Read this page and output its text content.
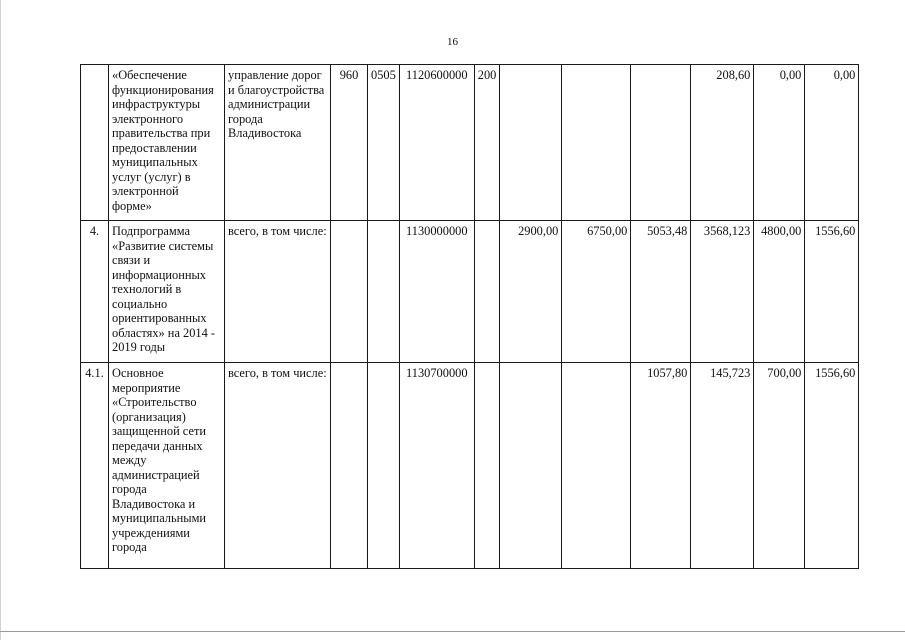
16
	«Обеспечение функционирования инфраструктуры электронного правительства при предоставлении муниципальных услуг (услуг) в электронной форме»	управление дорог и благоустройства администрации города Владивостока	960	0505	1120600000	200				208,60	0,00	0,00
4.	Подпрограмма «Развитие системы связи и информационных технологий в социально ориентированных областях» на 2014 - 2019 годы	всего, в том числе:			1130000000		2900,00	6750,00	5053,48	3568,123	4800,00	1556,60
4.1.	Основное мероприятие «Строительство (организация) защищенной сети передачи данных между администрацией города Владивостока и муниципальными учреждениями города	всего, в том числе:			1130700000				1057,80	145,723	700,00	1556,60
